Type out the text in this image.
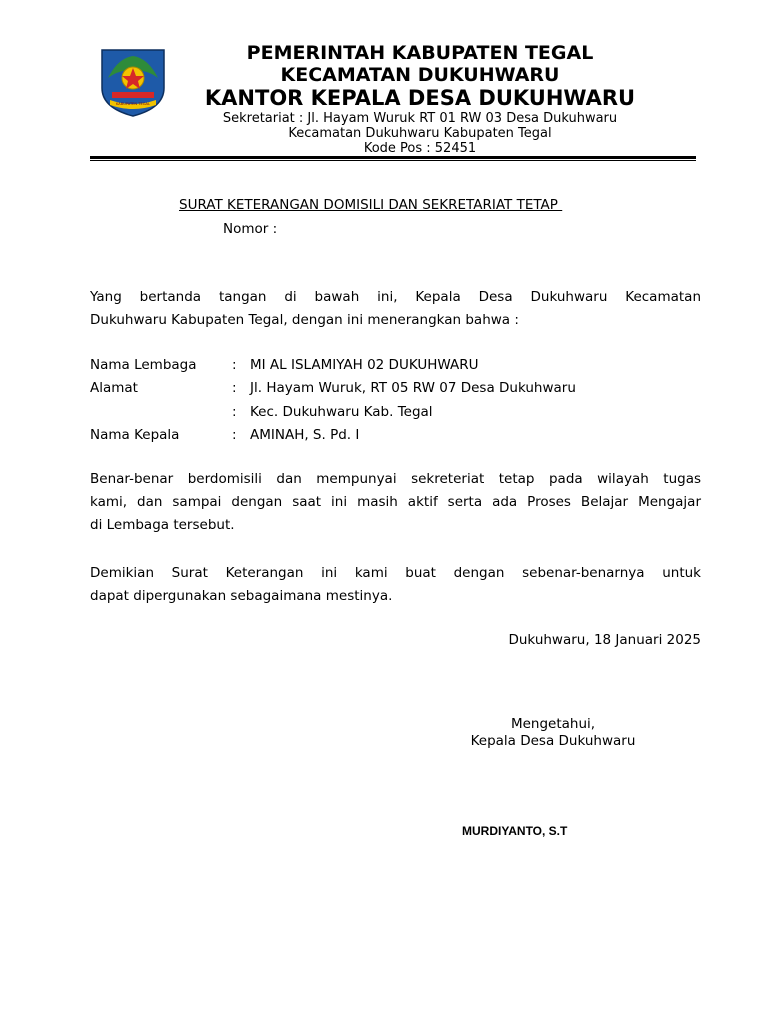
KABUPATEN TEGAL
PEMERINTAH KABUPATEN TEGAL
KECAMATAN DUKUHWARU
KANTOR KEPALA DESA DUKUHWARU
Sekretariat : Jl. Hayam Wuruk RT 01 RW 03 Desa Dukuhwaru
Kecamatan Dukuhwaru Kabupaten Tegal
Kode Pos : 52451
SURAT KETERANGAN DOMISILI DAN SEKRETARIAT TETAP
Nomor :
Yang bertanda tangan di bawah ini, Kepala Desa Dukuhwaru Kecamatan
Dukuhwaru Kabupaten Tegal, dengan ini menerangkan bahwa :
Nama Lembaga	: MI AL ISLAMIYAH 02 DUKUHWARU
Alamat	: Jl. Hayam Wuruk, RT 05 RW 07 Desa Dukuhwaru
: Kec. Dukuhwaru Kab. Tegal
Nama Kepala	: AMINAH, S. Pd. I
Benar-benar berdomisili dan mempunyai sekreteriat tetap pada wilayah tugas
kami, dan sampai dengan saat ini masih aktif serta ada Proses Belajar Mengajar
di Lembaga tersebut.
Demikian Surat Keterangan ini kami buat dengan sebenar-benarnya untuk
dapat dipergunakan sebagaimana mestinya.
Dukuhwaru, 18 Januari 2025
Mengetahui,
Kepala Desa Dukuhwaru
MURDIYANTO, S.T
